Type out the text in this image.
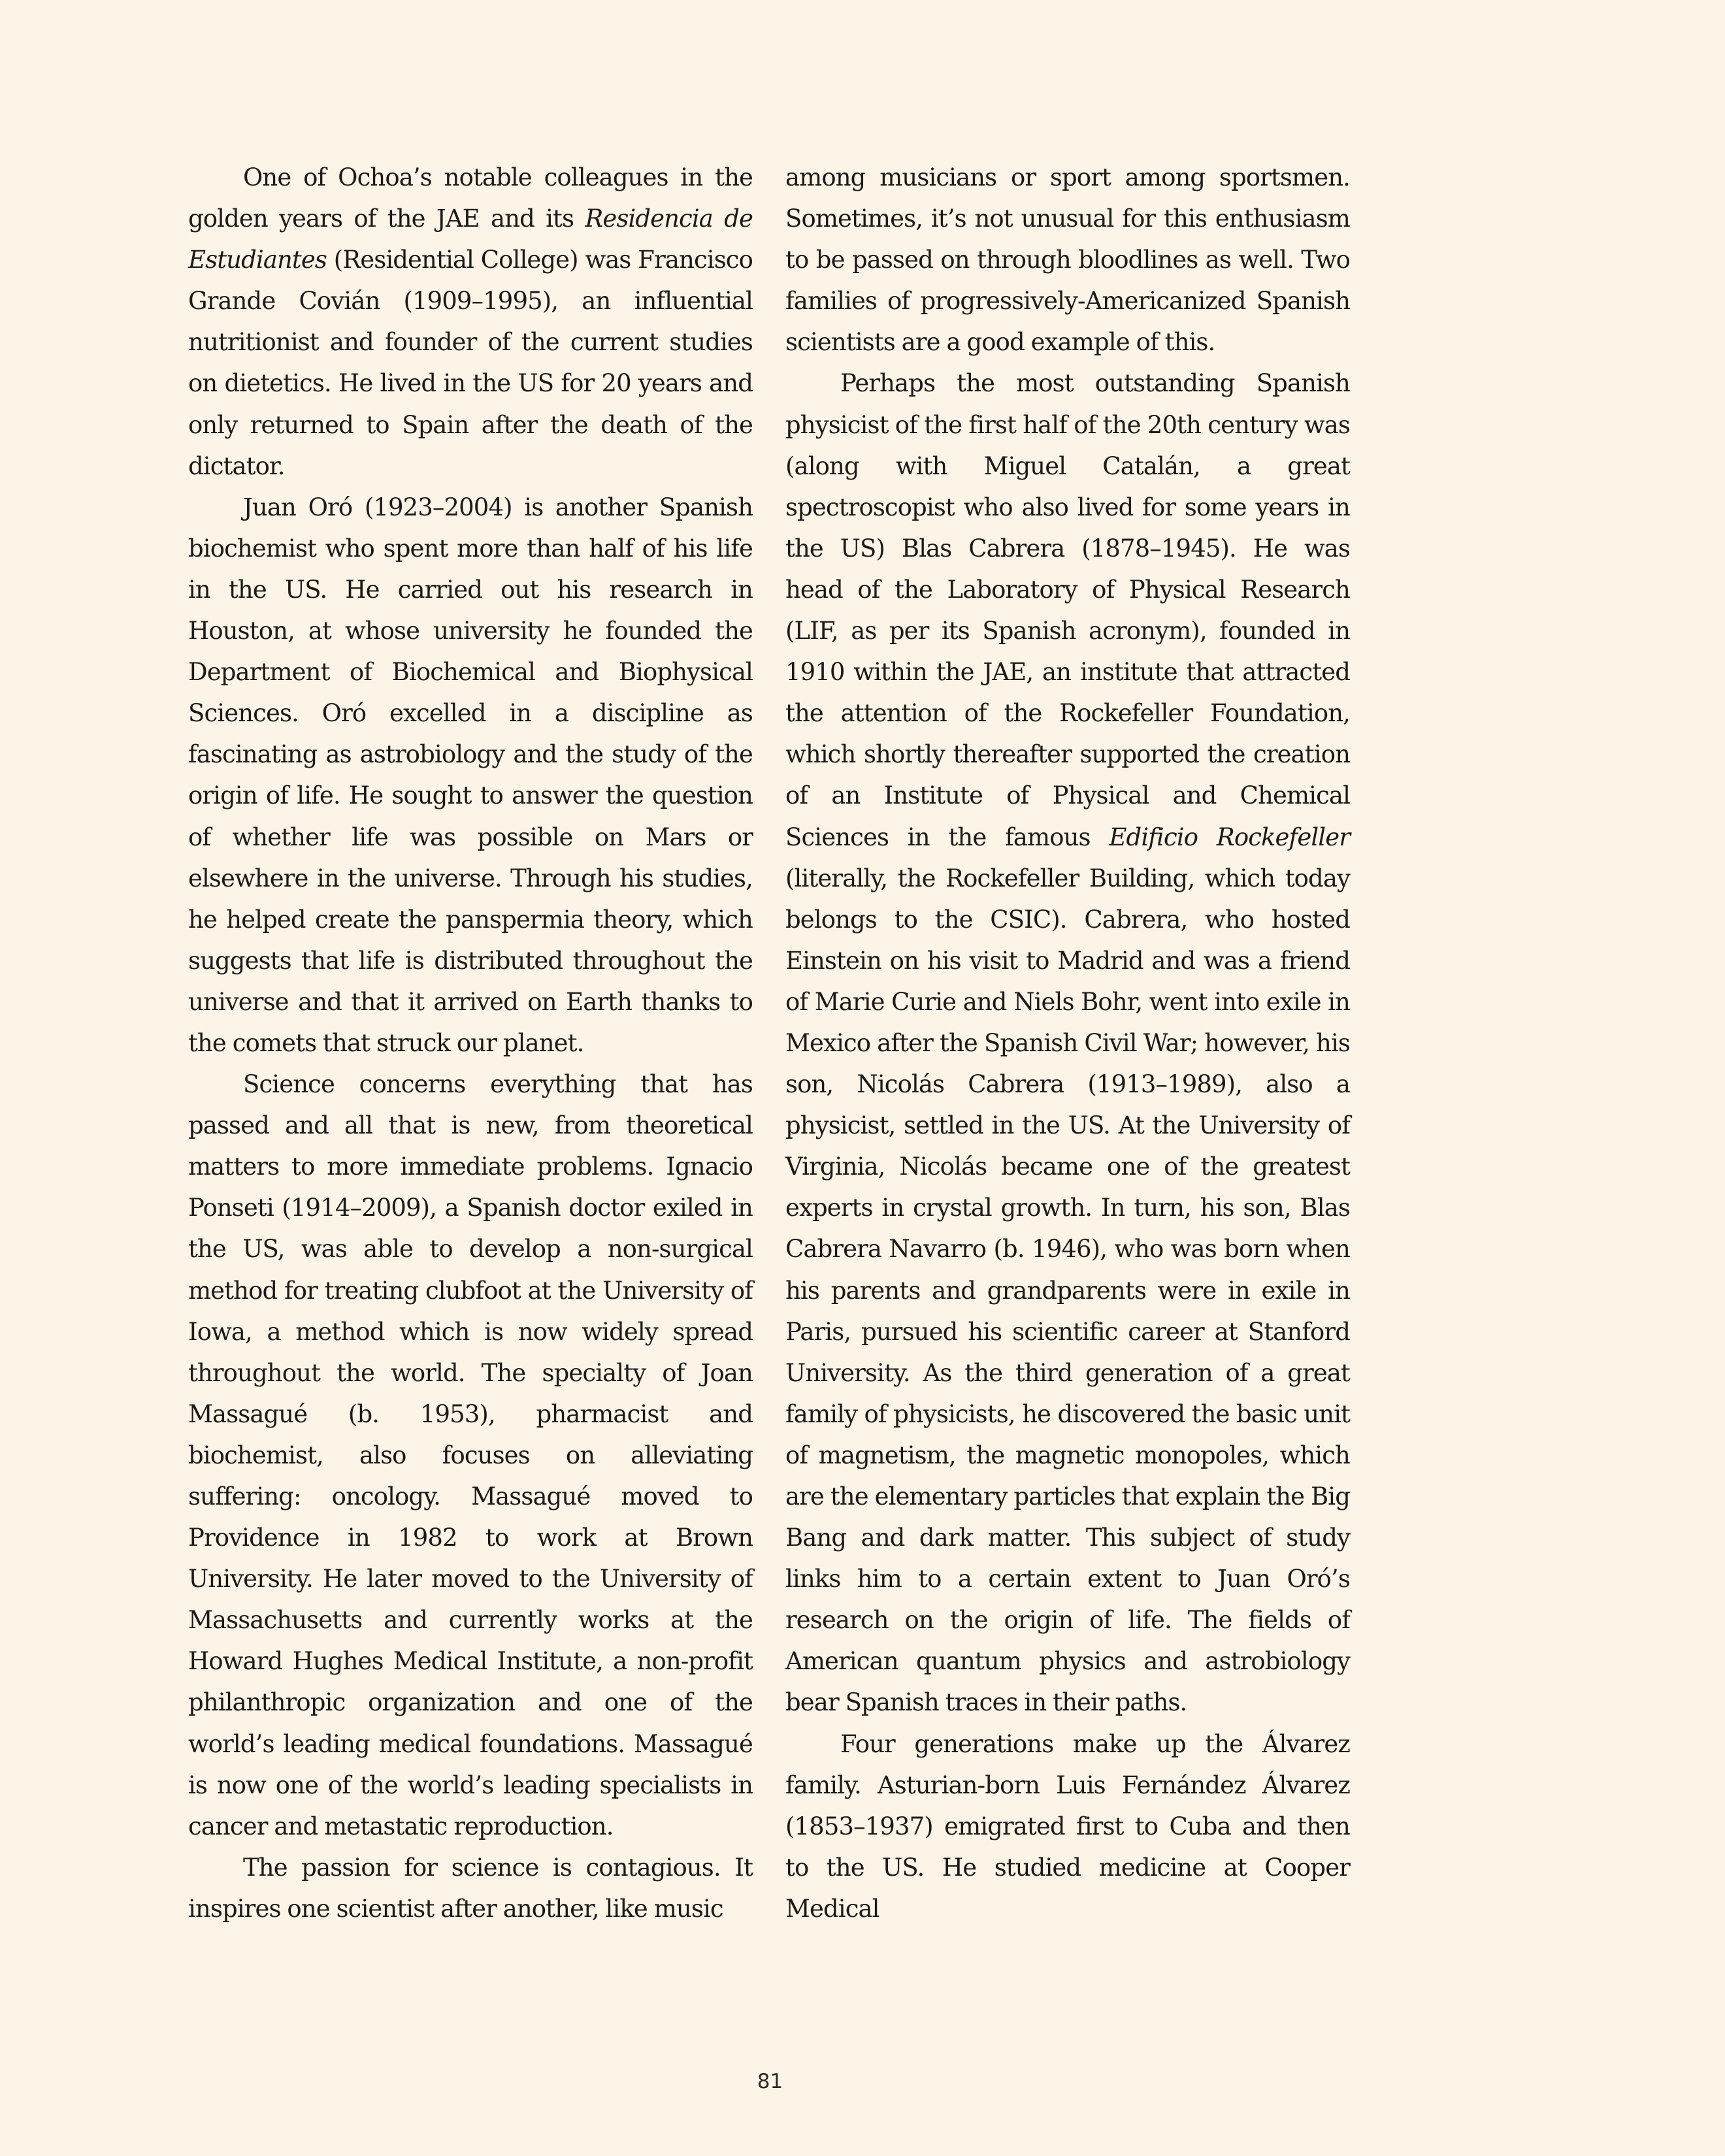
One of Ochoa’s notable colleagues in the golden years of the JAE and its Residencia de Estudiantes (Residential College) was Francisco Grande Covián (1909–1995), an influential nutritionist and founder of the current studies on dietetics. He lived in the US for 20 years and only returned to Spain after the death of the dictator.

Juan Oró (1923–2004) is another Spanish biochemist who spent more than half of his life in the US. He carried out his research in Houston, at whose university he founded the Department of Biochemical and Biophysical Sciences. Oró excelled in a discipline as fascinating as astrobiology and the study of the origin of life. He sought to answer the question of whether life was possible on Mars or elsewhere in the universe. Through his studies, he helped create the panspermia theory, which suggests that life is distributed throughout the universe and that it arrived on Earth thanks to the comets that struck our planet.

Science concerns everything that has passed and all that is new, from theoretical matters to more immediate problems. Ignacio Ponseti (1914–2009), a Spanish doctor exiled in the US, was able to develop a non-surgical method for treating clubfoot at the University of Iowa, a method which is now widely spread throughout the world. The specialty of Joan Massagué (b. 1953), pharmacist and biochemist, also focuses on alleviating suffering: oncology. Massagué moved to Providence in 1982 to work at Brown University. He later moved to the University of Massachusetts and currently works at the Howard Hughes Medical Institute, a non-profit philanthropic organization and one of the world’s leading medical foundations. Massagué is now one of the world’s leading specialists in cancer and metastatic reproduction.

The passion for science is contagious. It inspires one scientist after another, like music

among musicians or sport among sportsmen. Sometimes, it’s not unusual for this enthusiasm to be passed on through bloodlines as well. Two families of progressively-Americanized Spanish scientists are a good example of this.

Perhaps the most outstanding Spanish physicist of the first half of the 20th century was (along with Miguel Catalán, a great spectroscopist who also lived for some years in the US) Blas Cabrera (1878–1945). He was head of the Laboratory of Physical Research (LIF, as per its Spanish acronym), founded in 1910 within the JAE, an institute that attracted the attention of the Rockefeller Foundation, which shortly thereafter supported the creation of an Institute of Physical and Chemical Sciences in the famous Edificio Rockefeller (literally, the Rockefeller Building, which today belongs to the CSIC). Cabrera, who hosted Einstein on his visit to Madrid and was a friend of Marie Curie and Niels Bohr, went into exile in Mexico after the Spanish Civil War; however, his son, Nicolás Cabrera (1913–1989), also a physicist, settled in the US. At the University of Virginia, Nicolás became one of the greatest experts in crystal growth. In turn, his son, Blas Cabrera Navarro (b. 1946), who was born when his parents and grandparents were in exile in Paris, pursued his scientific career at Stanford University. As the third generation of a great family of physicists, he discovered the basic unit of magnetism, the magnetic monopoles, which are the elementary particles that explain the Big Bang and dark matter. This subject of study links him to a certain extent to Juan Oró’s research on the origin of life. The fields of American quantum physics and astrobiology bear Spanish traces in their paths.

Four generations make up the Álvarez family. Asturian-born Luis Fernández Álvarez (1853–1937) emigrated first to Cuba and then to the US. He studied medicine at Cooper Medical

81
